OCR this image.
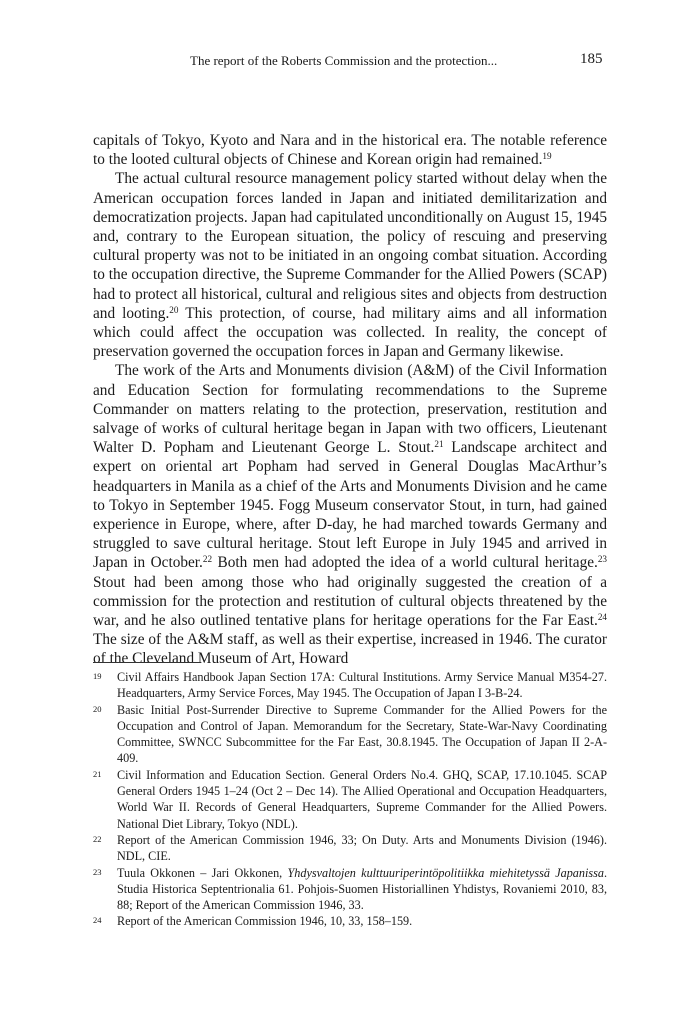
The report of the Roberts Commission and the protection...	185

capitals of Tokyo, Kyoto and Nara and in the historical era. The notable reference to the looted cultural objects of Chinese and Korean origin had remained.$^{19}$

The actual cultural resource management policy started without delay when the American occupation forces landed in Japan and initiated demilitarization and democratization projects. Japan had capitulated unconditionally on August 15, 1945 and, contrary to the European situation, the policy of rescuing and preserving cultural property was not to be initiated in an ongoing combat situation. According to the occupation directive, the Supreme Commander for the Allied Powers (SCAP) had to protect all historical, cultural and religious sites and objects from destruction and looting.$^{20}$ This protection, of course, had military aims and all information which could affect the occupation was collected. In reality, the concept of preservation governed the occupation forces in Japan and Germany likewise.

The work of the Arts and Monuments division (A&M) of the Civil Information and Education Section for formulating recommendations to the Supreme Commander on matters relating to the protection, preservation, restitution and salvage of works of cultural heritage began in Japan with two officers, Lieutenant Walter D. Popham and Lieutenant George L. Stout.$^{21}$ Landscape architect and expert on oriental art Popham had served in General Douglas MacArthur’s headquarters in Manila as a chief of the Arts and Monuments Division and he came to Tokyo in September 1945. Fogg Museum conservator Stout, in turn, had gained experience in Europe, where, after D-day, he had marched towards Germany and struggled to save cultural heritage. Stout left Europe in July 1945 and arrived in Japan in October.$^{22}$ Both men had adopted the idea of a world cultural heritage.$^{23}$ Stout had been among those who had originally suggested the creation of a commission for the protection and restitution of cultural objects threatened by the war, and he also outlined tentative plans for heritage operations for the Far East.$^{24}$ The size of the A&M staff, as well as their expertise, increased in 1946. The curator of the Cleveland Museum of Art, Howard

19	Civil Affairs Handbook Japan Section 17A: Cultural Institutions. Army Service Manual M354-27. Headquarters, Army Service Forces, May 1945. The Occupation of Japan I 3-B-24.
20	Basic Initial Post-Surrender Directive to Supreme Commander for the Allied Powers for the Occupation and Control of Japan. Memorandum for the Secretary, State-War-Navy Coordinating Committee, SWNCC Subcommittee for the Far East, 30.8.1945. The Occupation of Japan II 2-A-409.
21	Civil Information and Education Section. General Orders No.4. GHQ, SCAP, 17.10.1045. SCAP General Orders 1945 1–24 (Oct 2 – Dec 14). The Allied Operational and Occupation Headquarters, World War II. Records of General Headquarters, Supreme Commander for the Allied Powers. National Diet Library, Tokyo (NDL).
22	Report of the American Commission 1946, 33; On Duty. Arts and Monuments Division (1946). NDL, CIE.
23	Tuula Okkonen – Jari Okkonen, Yhdysvaltojen kulttuuriperintöpolitiikka miehitetyssä Japanissa. Studia Historica Septentrionalia 61. Pohjois-Suomen Historiallinen Yhdistys, Rovaniemi 2010, 83, 88; Report of the American Commission 1946, 33.
24	Report of the American Commission 1946, 10, 33, 158–159.
